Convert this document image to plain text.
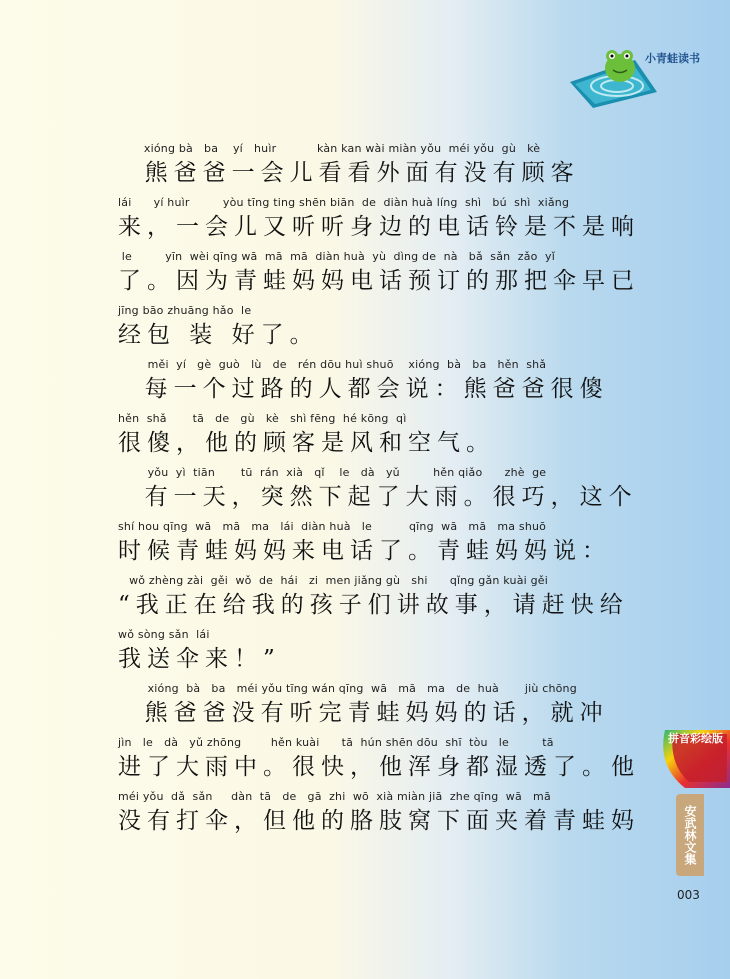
小青蛙读书
xióng bà   ba    yí   huìr           kàn kan wài miàn yǒu  méi yǒu  gù   kè
熊爸爸一会儿看看外面有没有顾客
lái      yí huìr         yòu tīng ting shēn biān  de  diàn huà líng  shì   bú  shì  xiǎng
来，一会儿又听听身边的电话铃是不是响
le         yīn  wèi qīng wā  mā  mā  diàn huà  yù  dìng de  nà   bǎ  sǎn  zǎo  yǐ
了。因为青蛙妈妈电话预订的那把伞早已
jīng bāo zhuāng hǎo  le
经包 装 好了。
měi  yí   gè  guò   lù   de   rén dōu huì shuō    xióng  bà   ba   hěn  shǎ
每一个过路的人都会说：熊爸爸很傻
hěn  shǎ       tā   de   gù   kè   shì fēng  hé kōng  qì
很傻，他的顾客是风和空气。
yǒu  yì  tiān       tū  rán  xià   qǐ    le   dà   yǔ         hěn qiǎo      zhè  ge
有一天，突然下起了大雨。很巧，这个
shí hou qīng  wā   mā   ma   lái  diàn huà   le          qīng  wā   mā   ma shuō
时候青蛙妈妈来电话了。青蛙妈妈说：
wǒ zhèng zài  gěi  wǒ  de  hái   zi  men jiǎng gù   shi      qǐng gǎn kuài gěi
“我正在给我的孩子们讲故事，请赶快给
wǒ sòng sǎn  lái
我送伞来！”
xióng  bà   ba   méi yǒu tīng wán qīng  wā   mā   ma   de  huà       jiù chōng
熊爸爸没有听完青蛙妈妈的话，就冲
jìn   le   dà   yǔ zhōng        hěn kuài      tā  hún shēn dōu  shī  tòu   le         tā
进了大雨中。很快，他浑身都湿透了。他
méi yǒu  dǎ  sǎn     dàn  tā   de   gā  zhi  wō  xià miàn jiā  zhe qīng  wā   mā
没有打伞，但他的胳肢窝下面夹着青蛙妈
拼音彩绘版
安武林文集
003
